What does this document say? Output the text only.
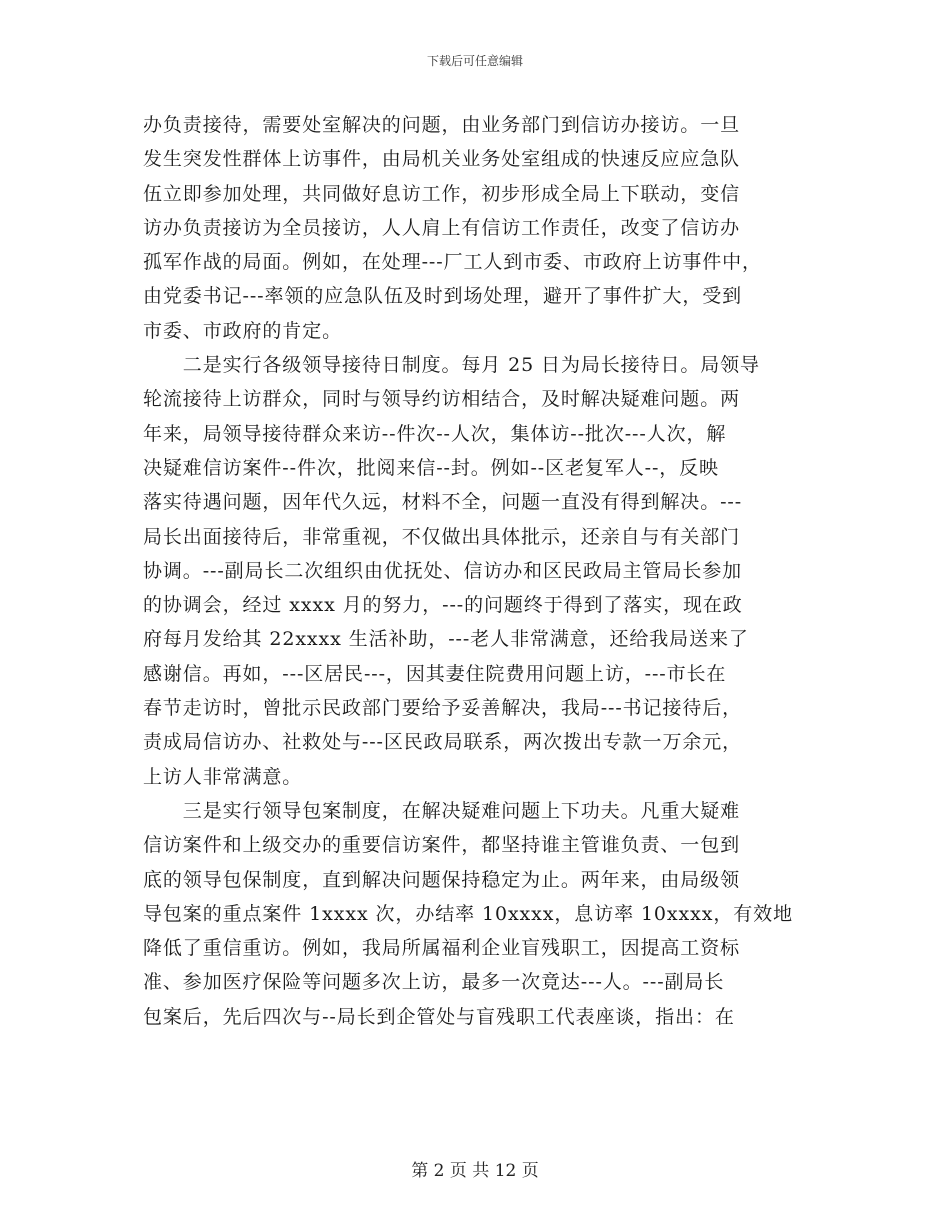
下载后可任意编辑
办负责接待，需要处室解决的问题，由业务部门到信访办接访。一旦
发生突发性群体上访事件，由局机关业务处室组成的快速反应应急队
伍立即参加处理，共同做好息访工作，初步形成全局上下联动，变信
访办负责接访为全员接访，人人肩上有信访工作责任，改变了信访办
孤军作战的局面。例如，在处理---厂工人到市委、市政府上访事件中，
由党委书记---率领的应急队伍及时到场处理，避开了事件扩大，受到
市委、市政府的肯定。
　　二是实行各级领导接待日制度。每月 25 日为局长接待日。局领导
轮流接待上访群众，同时与领导约访相结合，及时解决疑难问题。两
年来，局领导接待群众来访--件次--人次，集体访--批次---人次，解
决疑难信访案件--件次，批阅来信--封。例如--区老复军人--，反映
落实待遇问题，因年代久远，材料不全，问题一直没有得到解决。---
局长出面接待后，非常重视，不仅做出具体批示，还亲自与有关部门
协调。---副局长二次组织由优抚处、信访办和区民政局主管局长参加
的协调会，经过 xxxx 月的努力，---的问题终于得到了落实，现在政
府每月发给其 22xxxx 生活补助，---老人非常满意，还给我局送来了
感谢信。再如，---区居民---，因其妻住院费用问题上访，---市长在
春节走访时，曾批示民政部门要给予妥善解决，我局---书记接待后，
责成局信访办、社救处与---区民政局联系，两次拨出专款一万余元，
上访人非常满意。
　　三是实行领导包案制度，在解决疑难问题上下功夫。凡重大疑难
信访案件和上级交办的重要信访案件，都坚持谁主管谁负责、一包到
底的领导包保制度，直到解决问题保持稳定为止。两年来，由局级领
导包案的重点案件 1xxxx 次，办结率 10xxxx，息访率 10xxxx，有效地
降低了重信重访。例如，我局所属福利企业盲残职工，因提高工资标
准、参加医疗保险等问题多次上访，最多一次竟达---人。---副局长
包案后，先后四次与--局长到企管处与盲残职工代表座谈，指出：在
第 2 页 共 12 页
